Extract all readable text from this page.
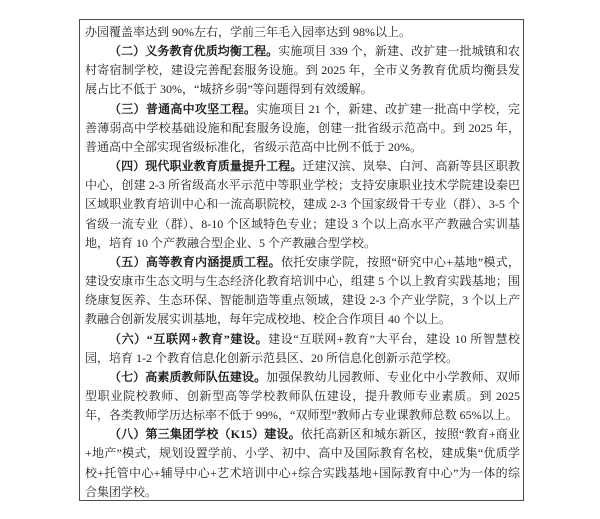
办园覆盖率达到 90%左右，学前三年毛入园率达到 98%以上。

（二）义务教育优质均衡工程。实施项目 339 个，新建、改扩建一批城镇和农村寄宿制学校，建设完善配套服务设施。到 2025 年，全市义务教育优质均衡县发展占比不低于 30%，“城挤乡弱”等问题得到有效缓解。

（三）普通高中攻坚工程。实施项目 21 个，新建、改扩建一批高中学校，完善薄弱高中学校基础设施和配套服务设施，创建一批省级示范高中。到 2025 年，普通高中全部实现省级标准化，省级示范高中比例不低于 20%。

（四）现代职业教育质量提升工程。迁建汉滨、岚皋、白河、高新等县区职教中心，创建 2-3 所省级高水平示范中等职业学校；支持安康职业技术学院建设秦巴区域职业教育培训中心和一流高职院校，建成 2-3 个国家级骨干专业（群）、3-5 个省级一流专业（群）、8-10 个区域特色专业；建设 3 个以上高水平产教融合实训基地，培育 10 个产教融合型企业、5 个产教融合型学校。

（五）高等教育内涵提质工程。依托安康学院，按照“研究中心+基地”模式，建设安康市生态文明与生态经济化教育培训中心，组建 5 个以上教育实践基地；围绕康复医养、生态环保、智能制造等重点领域，建设 2-3 个产业学院，3 个以上产教融合创新发展实训基地，每年完成校地、校企合作项目 40 个以上。

（六）“互联网+教育”建设。建设“互联网+教育”大平台，建设 10 所智慧校园，培育 1-2 个教育信息化创新示范县区、20 所信息化创新示范学校。

（七）高素质教师队伍建设。加强保教幼儿园教师、专业化中小学教师、双师型职业院校教师、创新型高等学校教师队伍建设，提升教师专业素质。到 2025 年，各类教师学历达标率不低于 99%，“双师型”教师占专业课教师总数 65%以上。

（八）第三集团学校（K15）建设。依托高新区和城东新区，按照“教育+商业+地产”模式，规划设置学前、小学、初中、高中及国际教育名校，建成集“优质学校+托管中心+辅导中心+艺术培训中心+综合实践基地+国际教育中心”为一体的综合集团学校。
